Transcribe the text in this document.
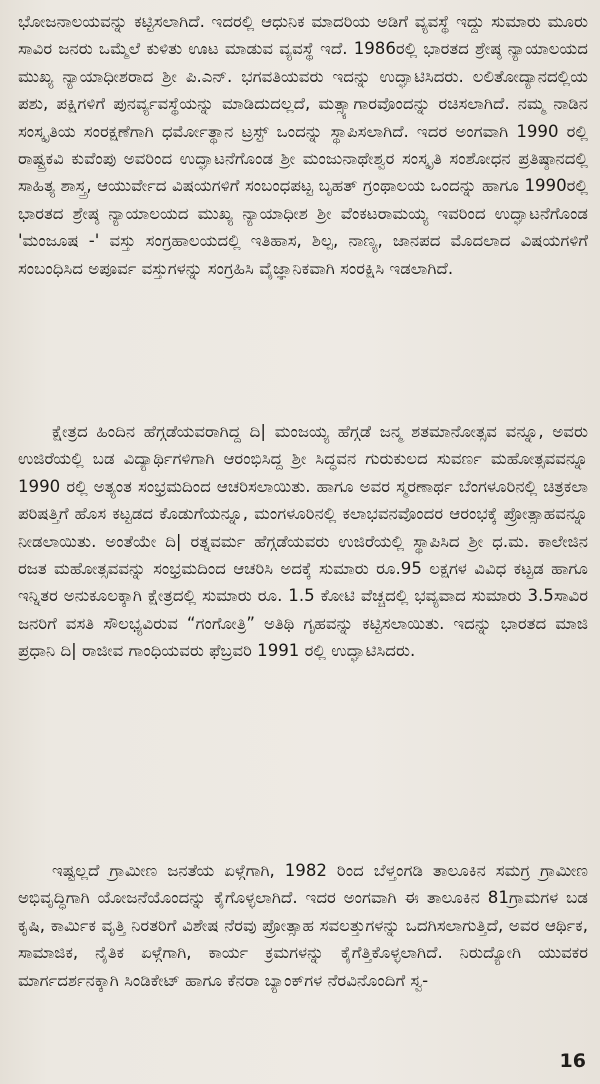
ಭೋಜನಾಲಯವನ್ನು ಕಟ್ಟಿಸಲಾಗಿದೆ. ಇದರಲ್ಲಿ ಆಧುನಿಕ ಮಾದರಿಯ ಅಡಿಗೆ ವ್ಯವಸ್ಥೆ ಇದ್ದು ಸುಮಾರು ಮೂರು ಸಾವಿರ ಜನರು ಒಮ್ಮೆಲೆ ಕುಳಿತು ಊಟ ಮಾಡುವ ವ್ಯವಸ್ಥೆ ಇದೆ. 1986ರಲ್ಲಿ ಭಾರತದ ಶ್ರೇಷ್ಠ ನ್ಯಾಯಾಲಯದ ಮುಖ್ಯ ನ್ಯಾಯಾಧೀಶರಾದ ಶ್ರೀ ಪಿ.ಎನ್. ಭಗವತಿಯವರು ಇದನ್ನು ಉದ್ಘಾಟಿಸಿದರು. ಲಲಿತೋದ್ಯಾನದಲ್ಲಿಯ ಪಶು, ಪಕ್ಷಿಗಳಿಗೆ ಪುನರ್ವ್ಯವಸ್ಥೆಯನ್ನು ಮಾಡಿದುದಲ್ಲದೆ, ಮತ್ಸ್ಯಾಗಾರವೊಂದನ್ನು ರಚಿಸಲಾಗಿದೆ. ನಮ್ಮ ನಾಡಿನ ಸಂಸ್ಕೃತಿಯ ಸಂರಕ್ಷಣೆಗಾಗಿ ಧರ್ಮೋತ್ಥಾನ ಟ್ರಸ್ಟ್ ಒಂದನ್ನು ಸ್ಥಾಪಿಸಲಾಗಿದೆ. ಇದರ ಅಂಗವಾಗಿ 1990 ರಲ್ಲಿ ರಾಷ್ಟ್ರಕವಿ ಕುವೆಂಪು ಅವರಿಂದ ಉದ್ಘಾಟನೆಗೊಂಡ ಶ್ರೀ ಮಂಜುನಾಥೇಶ್ವರ ಸಂಸ್ಕೃತಿ ಸಂಶೋಧನ ಪ್ರತಿಷ್ಠಾನದಲ್ಲಿ ಸಾಹಿತ್ಯ ಶಾಸ್ತ್ರ, ಆಯುರ್ವೇದ ವಿಷಯಗಳಿಗೆ ಸಂಬಂಧಪಟ್ಟ ಬೃಹತ್ ಗ್ರಂಥಾಲಯ ಒಂದನ್ನು ಹಾಗೂ 1990ರಲ್ಲಿ ಭಾರತದ ಶ್ರೇಷ್ಠ ನ್ಯಾಯಾಲಯದ ಮುಖ್ಯ ನ್ಯಾಯಾಧೀಶ ಶ್ರೀ ವೆಂಕಟರಾಮಯ್ಯ ಇವರಿಂದ ಉದ್ಘಾಟನೆಗೊಂಡ 'ಮಂಜೂಷ -' ವಸ್ತು ಸಂಗ್ರಹಾಲಯದಲ್ಲಿ ಇತಿಹಾಸ, ಶಿಲ್ಪ, ನಾಣ್ಯ, ಜಾನಪದ ಮೊದಲಾದ ವಿಷಯಗಳಿಗೆ ಸಂಬಂಧಿಸಿದ ಅಪೂರ್ವ ವಸ್ತುಗಳನ್ನು ಸಂಗ್ರಹಿಸಿ ವೈಜ್ಞಾನಿಕವಾಗಿ ಸಂರಕ್ಷಿಸಿ ಇಡಲಾಗಿದೆ.

ಕ್ಷೇತ್ರದ ಹಿಂದಿನ ಹೆಗ್ಗಡೆಯವರಾಗಿದ್ದ ದಿ| ಮಂಜಯ್ಯ ಹೆಗ್ಗಡೆ ಜನ್ಮ ಶತಮಾನೋತ್ಸವ ವನ್ನೂ, ಅವರು ಉಜಿರೆಯಲ್ಲಿ ಬಡ ವಿದ್ಯಾರ್ಥಿಗಳಿಗಾಗಿ ಆರಂಭಿಸಿದ್ದ ಶ್ರೀ ಸಿದ್ಧವನ ಗುರುಕುಲದ ಸುವರ್ಣ ಮಹೋತ್ಸವವನ್ನೂ 1990 ರಲ್ಲಿ ಅತ್ಯಂತ ಸಂಭ್ರಮದಿಂದ ಆಚರಿಸಲಾಯಿತು. ಹಾಗೂ ಅವರ ಸ್ಮರಣಾರ್ಥ ಬೆಂಗಳೂರಿನಲ್ಲಿ ಚಿತ್ರಕಲಾ ಪರಿಷತ್ತಿಗೆ ಹೊಸ ಕಟ್ಟಡದ ಕೊಡುಗೆಯನ್ನೂ, ಮಂಗಳೂರಿನಲ್ಲಿ ಕಲಾಭವನವೊಂದರ ಆರಂಭಕ್ಕೆ ಪ್ರೋತ್ಸಾಹವನ್ನೂ ನೀಡಲಾಯಿತು. ಅಂತೆಯೇ ದಿ| ರತ್ನವರ್ಮ ಹೆಗ್ಗಡೆಯವರು ಉಜಿರೆಯಲ್ಲಿ ಸ್ಥಾಪಿಸಿದ ಶ್ರೀ ಧ.ಮ. ಕಾಲೇಜಿನ ರಜತ ಮಹೋತ್ಸವವನ್ನು ಸಂಭ್ರಮದಿಂದ ಆಚರಿಸಿ ಅದಕ್ಕೆ ಸುಮಾರು ರೂ.95 ಲಕ್ಷಗಳ ವಿವಿಧ ಕಟ್ಟಡ ಹಾಗೂ ಇನ್ನಿತರ ಅನುಕೂಲಕ್ಕಾಗಿ ಕ್ಷೇತ್ರದಲ್ಲಿ ಸುಮಾರು ರೂ. 1.5 ಕೋಟಿ ವೆಚ್ಚದಲ್ಲಿ ಭವ್ಯವಾದ ಸುಮಾರು 3.5ಸಾವಿರ ಜನರಿಗೆ ವಸತಿ ಸೌಲಭ್ಯವಿರುವ “ಗಂಗೋತ್ರಿ” ಅತಿಥಿ ಗೃಹವನ್ನು ಕಟ್ಟಿಸಲಾಯಿತು. ಇದನ್ನು ಭಾರತದ ಮಾಜಿ ಪ್ರಧಾನಿ ದಿ| ರಾಜೀವ ಗಾಂಧಿಯವರು ಫೆಬ್ರವರಿ 1991 ರಲ್ಲಿ ಉದ್ಘಾಟಿಸಿದರು.

ಇಷ್ಟಲ್ಲದೆ ಗ್ರಾಮೀಣ ಜನತೆಯ ಏಳ್ಗೆಗಾಗಿ, 1982 ರಿಂದ ಬೆಳ್ತಂಗಡಿ ತಾಲೂಕಿನ ಸಮಗ್ರ ಗ್ರಾಮೀಣ ಅಭಿವೃದ್ಧಿಗಾಗಿ ಯೋಜನೆಯೊಂದನ್ನು ಕೈಗೊಳ್ಳಲಾಗಿದೆ. ಇದರ ಅಂಗವಾಗಿ ಈ ತಾಲೂಕಿನ 81ಗ್ರಾಮಗಳ ಬಡ ಕೃಷಿ, ಕಾರ್ಮಿಕ ವೃತ್ತಿ ನಿರತರಿಗೆ ವಿಶೇಷ ನೆರವು ಪ್ರೋತ್ಸಾಹ ಸವಲತ್ತುಗಳನ್ನು ಒದಗಿಸಲಾಗುತ್ತಿದೆ, ಅವರ ಆರ್ಥಿಕ, ಸಾಮಾಜಿಕ, ನೈತಿಕ ಏಳ್ಗೆಗಾಗಿ, ಕಾರ್ಯ ಕ್ರಮಗಳನ್ನು ಕೈಗೆತ್ತಿಕೊಳ್ಳಲಾಗಿದೆ. ನಿರುದ್ಯೋಗಿ ಯುವಕರ ಮಾರ್ಗದರ್ಶನಕ್ಕಾಗಿ ಸಿಂಡಿಕೇಟ್ ಹಾಗೂ ಕೆನರಾ ಬ್ಯಾಂಕ್‌ಗಳ ನೆರವಿನೊಂದಿಗೆ ಸ್ವ-

16
